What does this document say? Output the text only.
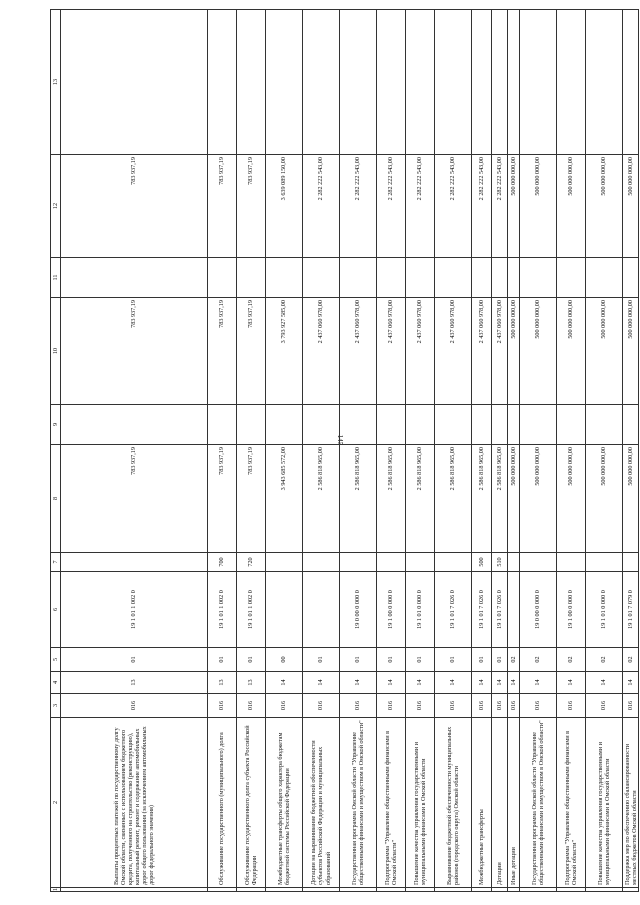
145
1	2	3	4	5	6	7	8	9	10	11	12	13
	Выплаты процентных платежей по государственному долгу Омской области, связанных с использованием бюджетного кредита, полученного на строительство (реконструкцию), капитальный ремонт, ремонт и содержание автомобильных дорог общего пользования (за исключением автомобильных дорог федерального значения)	016	13	01	19 1 01 1 002 0		783 937,19		783 937,19		783 937,19	
	Обслуживание государственного (муниципального) долга	016	13	01	19 1 01 1 002 0	700	783 937,19		783 937,19		783 937,19	
	Обслуживание государственного долга субъекта Российской Федерации	016	13	01	19 1 01 1 002 0	720	783 937,19		783 937,19		783 937,19	
	Межбюджетные трансферты общего характера бюджетам бюджетной системы Российской Федерации	016	14	00			3 943 685 572,00		3 793 927 585,00		3 639 089 150,00	
	Дотации на выравнивание бюджетной обеспеченности субъектов Российской Федерации и муниципальных образований	016	14	01			2 586 818 965,00		2 437 060 978,00		2 282 222 543,00	
	Государственная программа Омской области "Управление общественными финансами и имуществом в Омской области"	016	14	01	19 0 00 0 000 0		2 586 818 965,00		2 437 060 978,00		2 282 222 543,00	
	Подпрограмма "Управление общественными финансами в Омской области"	016	14	01	19 1 00 0 000 0		2 586 818 965,00		2 437 060 978,00		2 282 222 543,00	
	Повышение качества управления государственными и муниципальными финансами в Омской области	016	14	01	19 1 01 0 000 0		2 586 818 965,00		2 437 060 978,00		2 282 222 543,00	
	Выравнивание бюджетной обеспеченности муниципальных районов (городского округа) Омской области	016	14	01	19 1 01 7 026 0		2 586 818 965,00		2 437 060 978,00		2 282 222 543,00	
	Межбюджетные трансферты	016	14	01	19 1 01 7 026 0	500	2 586 818 965,00		2 437 060 978,00		2 282 222 543,00	
	Дотации	016	14	01	19 1 01 7 026 0	510	2 586 818 965,00		2 437 060 978,00		2 282 222 543,00	
	Иные дотации	016	14	02			500 000 000,00		500 000 000,00		500 000 000,00	
	Государственная программа Омской области "Управление общественными финансами и имуществом в Омской области"	016	14	02	19 0 00 0 000 0		500 000 000,00		500 000 000,00		500 000 000,00	
	Подпрограмма "Управление общественными финансами в Омской области"	016	14	02	19 1 00 0 000 0		500 000 000,00		500 000 000,00		500 000 000,00	
	Повышение качества управления государственными и муниципальными финансами в Омской области	016	14	02	19 1 01 0 000 0		500 000 000,00		500 000 000,00		500 000 000,00	
	Поддержка мер по обеспечению сбалансированности местных бюджетов Омской области	016	14	02	19 1 01 7 079 0		500 000 000,00		500 000 000,00		500 000 000,00	
